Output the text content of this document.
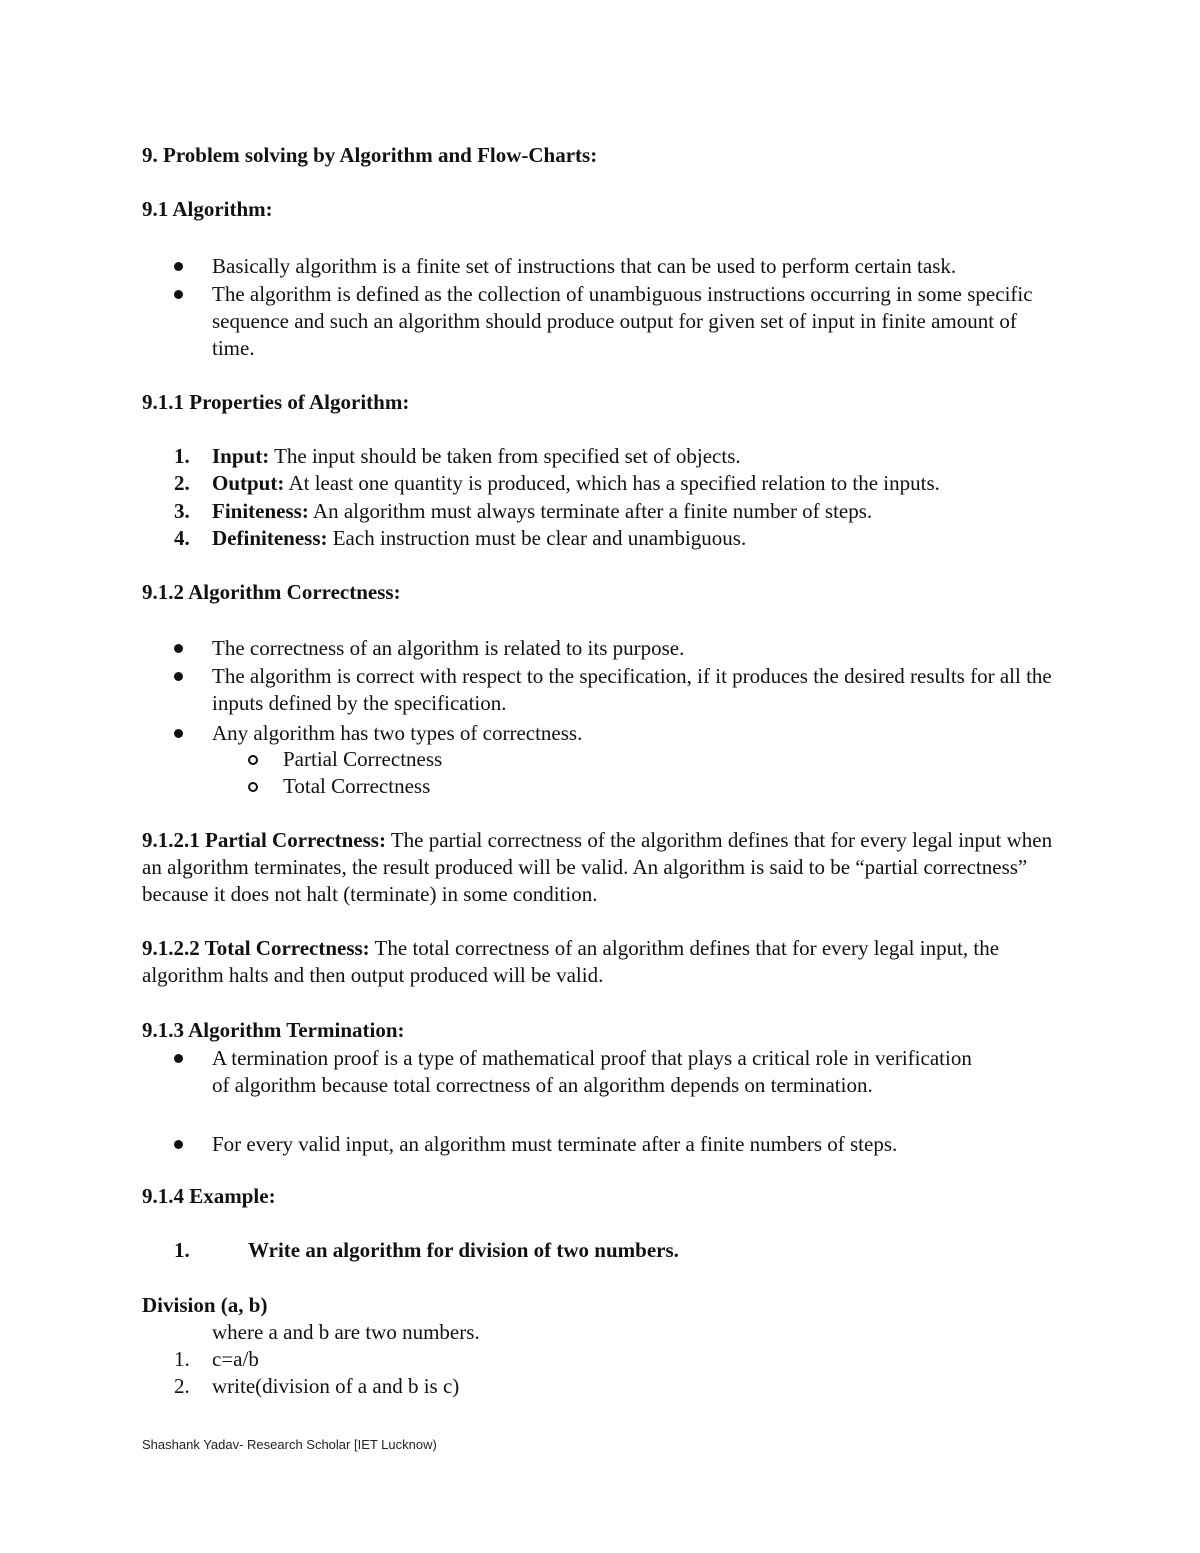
9. Problem solving by Algorithm and Flow-Charts:
9.1 Algorithm:
Basically algorithm is a finite set of instructions that can be used to perform certain task.
The algorithm is defined as the collection of unambiguous instructions occurring in some specific sequence and such an algorithm should produce output for given set of input in finite amount of time.
9.1.1 Properties of Algorithm:
1.	Input: The input should be taken from specified set of objects.
2.	Output: At least one quantity is produced, which has a specified relation to the inputs.
3.	Finiteness: An algorithm must always terminate after a finite number of steps.
4.	Definiteness: Each instruction must be clear and unambiguous.
9.1.2 Algorithm Correctness:
The correctness of an algorithm is related to its purpose.
The algorithm is correct with respect to the specification, if it produces the desired results for all the inputs defined by the specification.
Any algorithm has two types of correctness.
Partial Correctness
Total Correctness
9.1.2.1 Partial Correctness: The partial correctness of the algorithm defines that for every legal input when an algorithm terminates, the result produced will be valid. An algorithm is said to be “partial correctness” because it does not halt (terminate) in some condition.
9.1.2.2 Total Correctness: The total correctness of an algorithm defines that for every legal input, the algorithm halts and then output produced will be valid.
9.1.3 Algorithm Termination:
A termination proof is a type of mathematical proof that plays a critical role in verification of algorithm because total correctness of an algorithm depends on termination.
For every valid input, an algorithm must terminate after a finite numbers of steps.
9.1.4 Example:
1.	Write an algorithm for division of two numbers.
Division (a, b)
where a and b are two numbers.
1.	c=a/b
2.	write(division of a and b is c)
Shashank Yadav- Research Scholar [IET Lucknow)
